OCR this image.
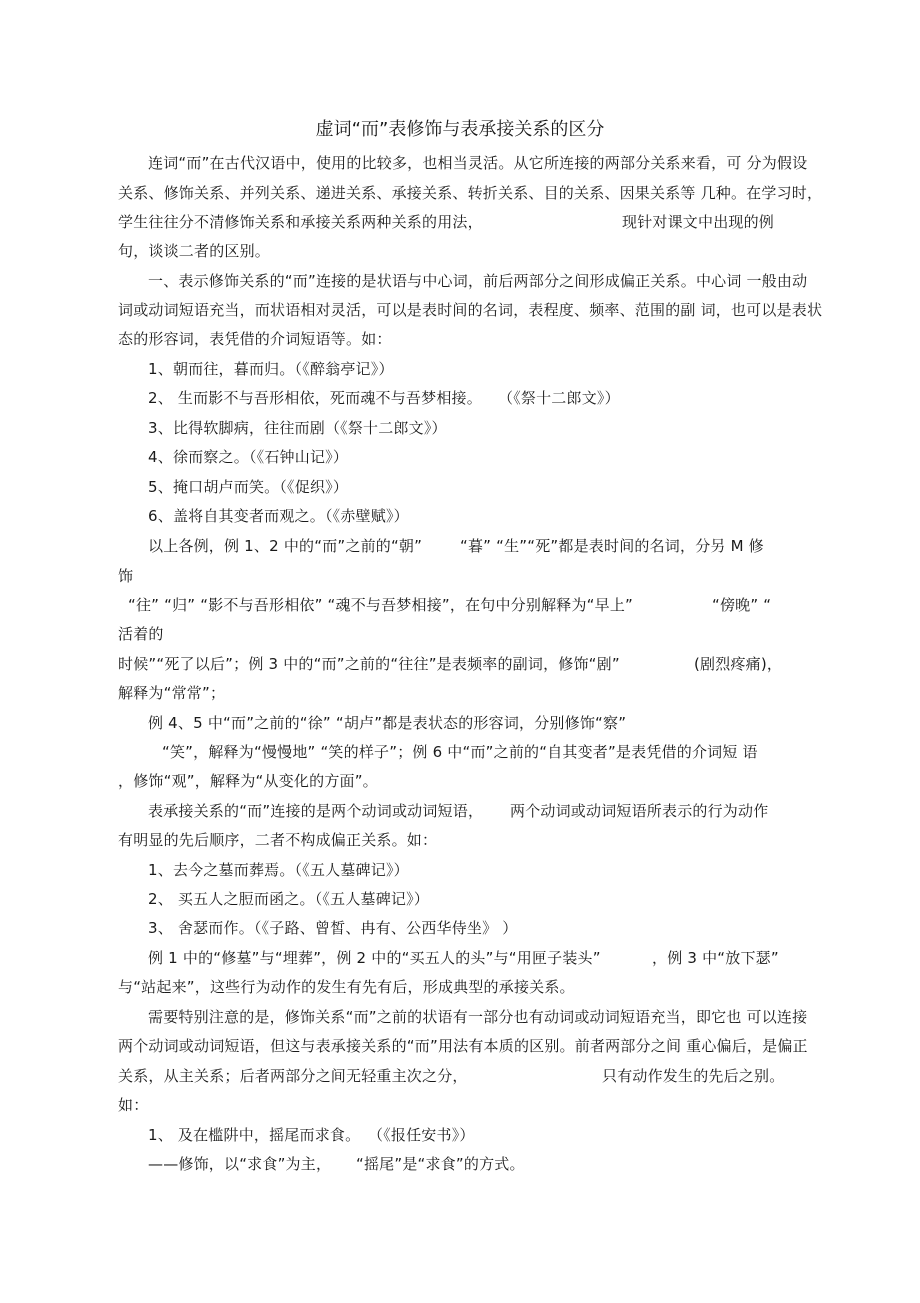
虚词“而”表修饰与表承接关系的区分
连词“而”在古代汉语中，使用的比较多，也相当灵活。从它所连接的两部分关系来看，可 分为假设
关系、修饰关系、并列关系、递进关系、承接关系、转折关系、目的关系、因果关系等 几种。在学习时，
学生往往分不清修饰关系和承接关系两种关系的用法，	现针对课文中出现的例
句，谈谈二者的区别。
一、表示修饰关系的“而”连接的是状语与中心词，前后两部分之间形成偏正关系。中心词 一般由动
词或动词短语充当，而状语相对灵活，可以是表时间的名词，表程度、频率、范围的副 词，也可以是表状
态的形容词，表凭借的介词短语等。如：
1、朝而往，暮而归。（《醉翁亭记》）
2、 生而影不与吾形相依，死而魂不与吾梦相接。 （《祭十二郎文》）
3、比得软脚病，往往而剧（《祭十二郎文》）
4、徐而察之。（《石钟山记》）
5、掩口胡卢而笑。（《促织》）
6、盖将自其变者而观之。（《赤壁赋》）
以上各例，例 1、2 中的“而”之前的“朝”	“暮” “生”“死”都是表时间的名词，分另 M 修
饰
“往” “归” “影不与吾形相依” “魂不与吾梦相接”，在句中分别解释为“早上”	“傍晚” “
活着的
时候”“死了以后”；例 3 中的“而”之前的“往往”是表频率的副词，修饰“剧”	(剧烈疼痛)，
解释为“常常”；
例 4、5 中“而”之前的“徐” “胡卢”都是表状态的形容词，分别修饰“察”
“笑”，解释为“慢慢地” “笑的样子”；例 6 中“而”之前的“自其变者”是表凭借的介词短 语
，修饰“观”，解释为“从变化的方面”。
表承接关系的“而”连接的是两个动词或动词短语， 两个动词或动词短语所表示的行为动作
有明显的先后顺序，二者不构成偏正关系。如：
1、去今之墓而葬焉。（《五人墓碑记》）
2、 买五人之脰而函之。（《五人墓碑记》）
3、 舍瑟而作。（《子路、曾皙、冉有、公西华侍坐》 ）
例 1 中的“修墓”与“埋葬”，例 2 中的“买五人的头”与“用匣子装头”	，例 3 中“放下瑟”
与“站起来”，这些行为动作的发生有先有后，形成典型的承接关系。
需要特别注意的是，修饰关系“而”之前的状语有一部分也有动词或动词短语充当，即它也 可以连接
两个动词或动词短语，但这与表承接关系的“而”用法有本质的区别。前者两部分之间 重心偏后，是偏正
关系，从主关系；后者两部分之间无轻重主次之分，	只有动作发生的先后之别。
如：
1、 及在槛阱中，摇尾而求食。 （《报任安书》）
——修饰，以“求食”为主， “摇尾”是“求食”的方式。
